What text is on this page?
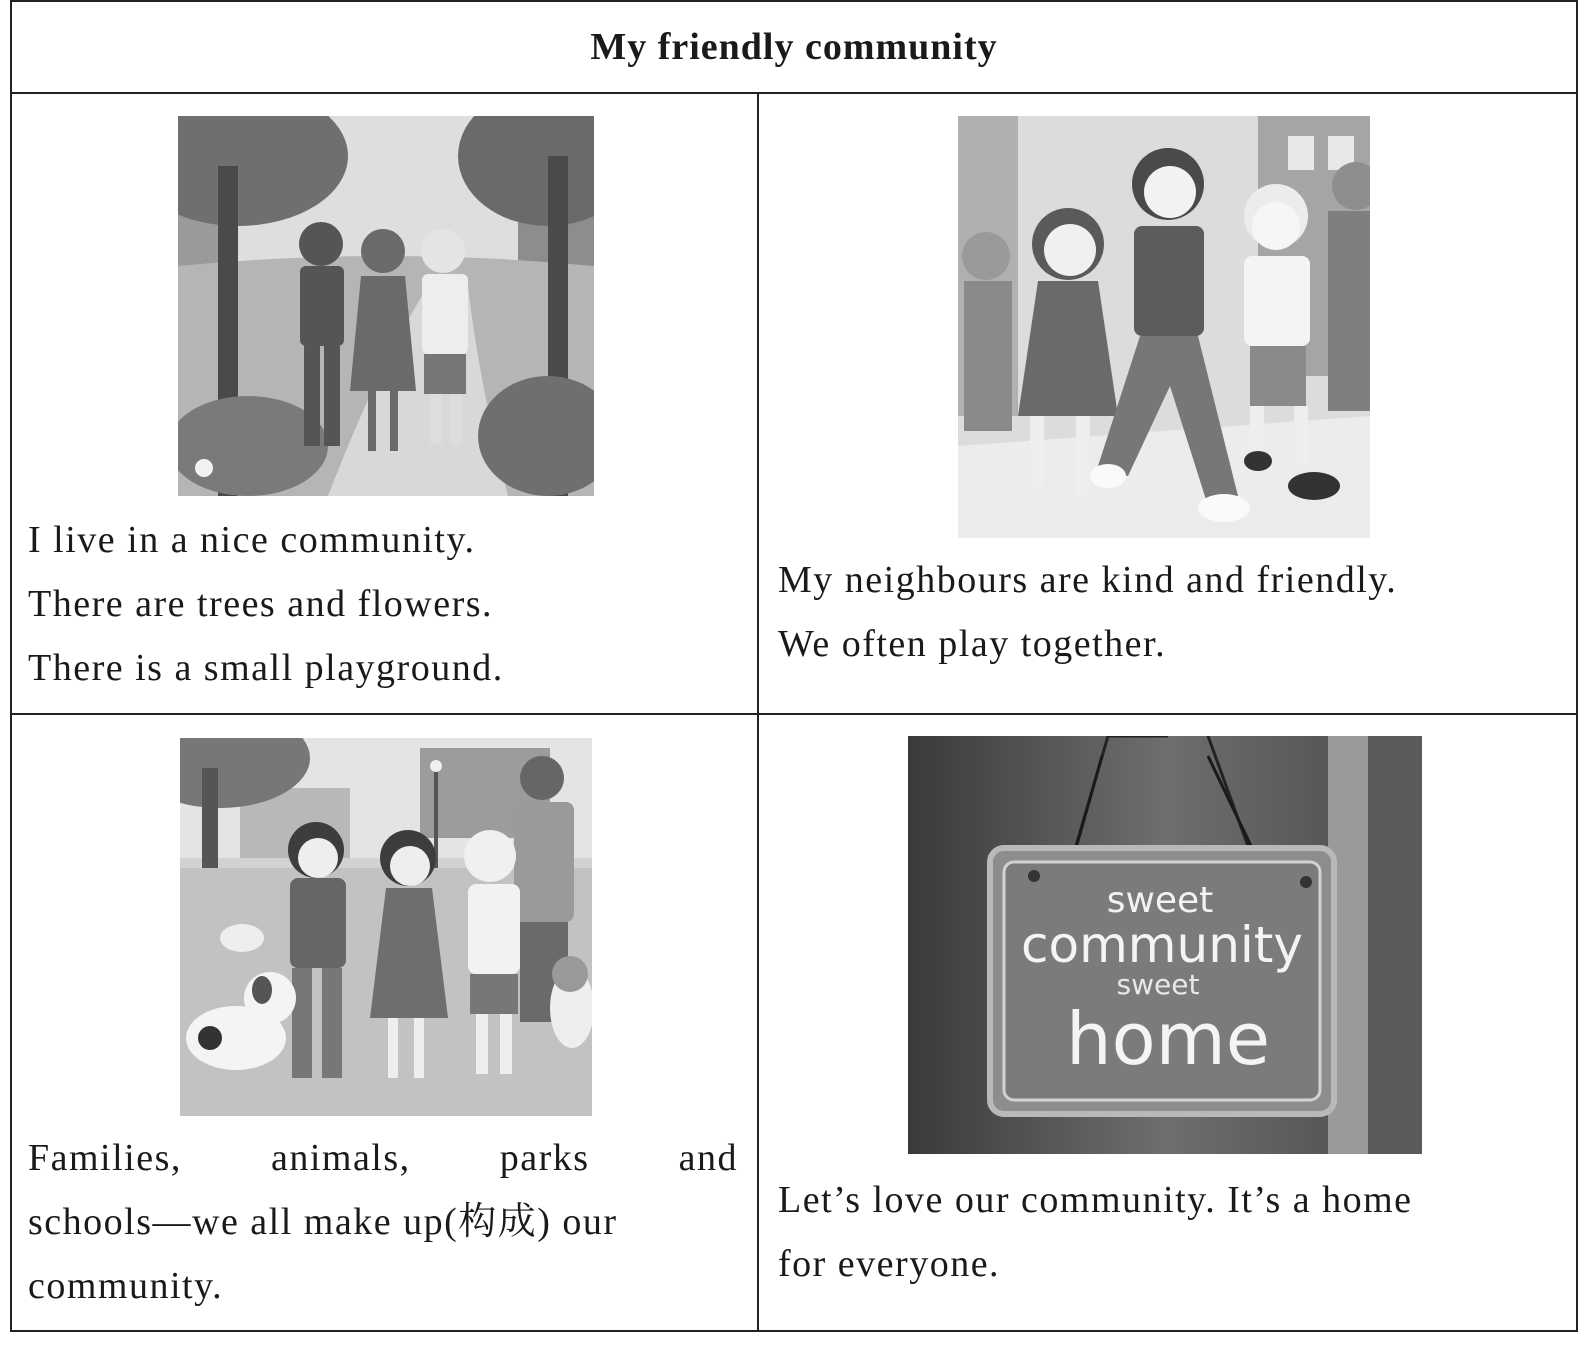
My friendly community

I live in a nice community.

There are trees and flowers.

There is a small playground.

My neighbours are kind and friendly.

We often play together.

Families,   animals,   parks   and

schools—we all make up(构成) our

community.

sweet
community
sweet
home

Let’s love our community. It’s a home

for everyone.
